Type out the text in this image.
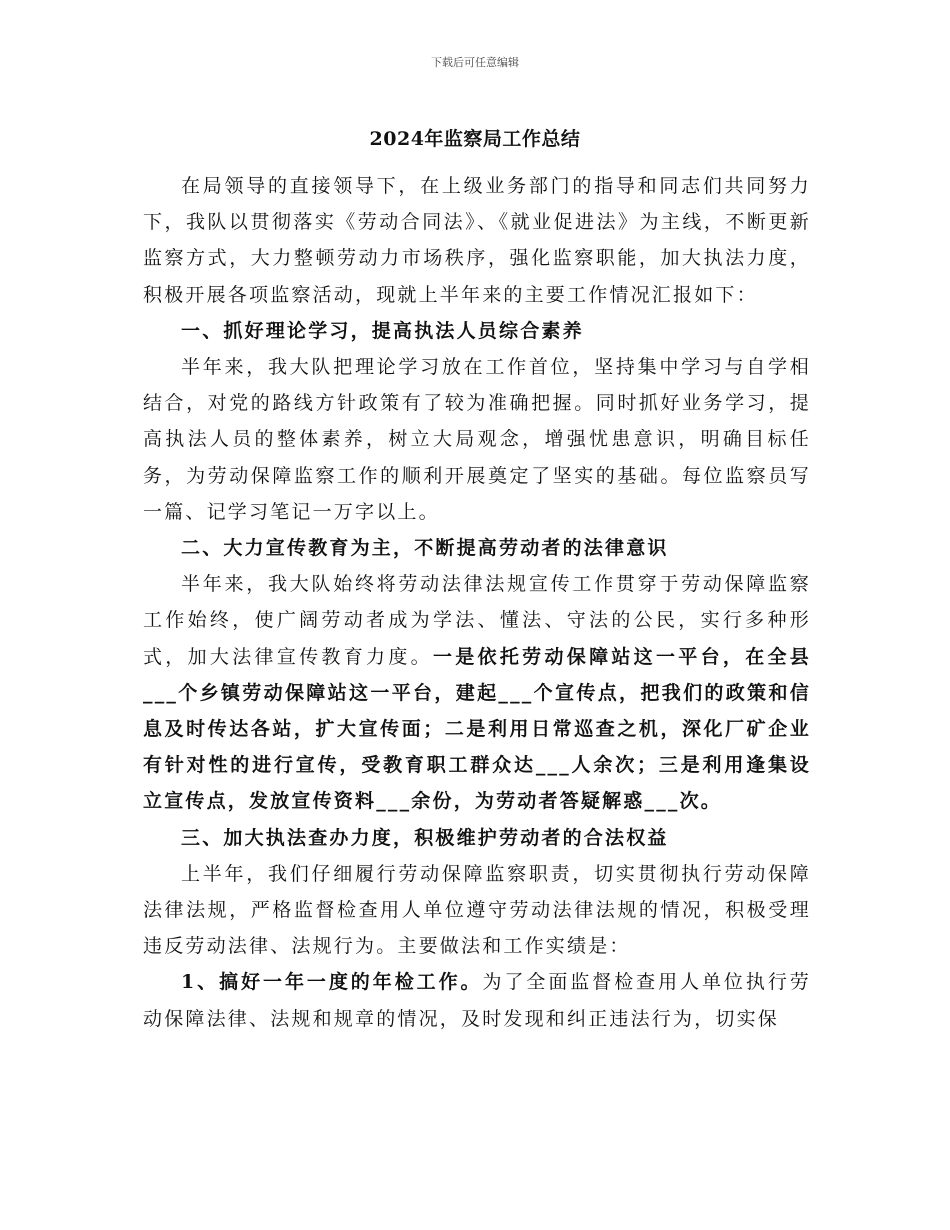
下载后可任意编辑
2024年监察局工作总结

在局领导的直接领导下，在上级业务部门的指导和同志们共同努力下，我队以贯彻落实《劳动合同法》、《就业促进法》为主线，不断更新监察方式，大力整顿劳动力市场秩序，强化监察职能，加大执法力度，积极开展各项监察活动，现就上半年来的主要工作情况汇报如下：

一、抓好理论学习，提高执法人员综合素养

半年来，我大队把理论学习放在工作首位，坚持集中学习与自学相结合，对党的路线方针政策有了较为准确把握。同时抓好业务学习，提高执法人员的整体素养，树立大局观念，增强忧患意识，明确目标任务，为劳动保障监察工作的顺利开展奠定了坚实的基础。每位监察员写一篇、记学习笔记一万字以上。

二、大力宣传教育为主，不断提高劳动者的法律意识

半年来，我大队始终将劳动法律法规宣传工作贯穿于劳动保障监察工作始终，使广阔劳动者成为学法、懂法、守法的公民，实行多种形式，加大法律宣传教育力度。一是依托劳动保障站这一平台，在全县___个乡镇劳动保障站这一平台，建起___个宣传点，把我们的政策和信息及时传达各站，扩大宣传面；二是利用日常巡查之机，深化厂矿企业有针对性的进行宣传，受教育职工群众达___人余次；三是利用逢集设立宣传点，发放宣传资料___余份，为劳动者答疑解惑___次。

三、加大执法查办力度，积极维护劳动者的合法权益

上半年，我们仔细履行劳动保障监察职责，切实贯彻执行劳动保障法律法规，严格监督检查用人单位遵守劳动法律法规的情况，积极受理违反劳动法律、法规行为。主要做法和工作实绩是：

1、搞好一年一度的年检工作。为了全面监督检查用人单位执行劳动保障法律、法规和规章的情况，及时发现和纠正违法行为，切实保
